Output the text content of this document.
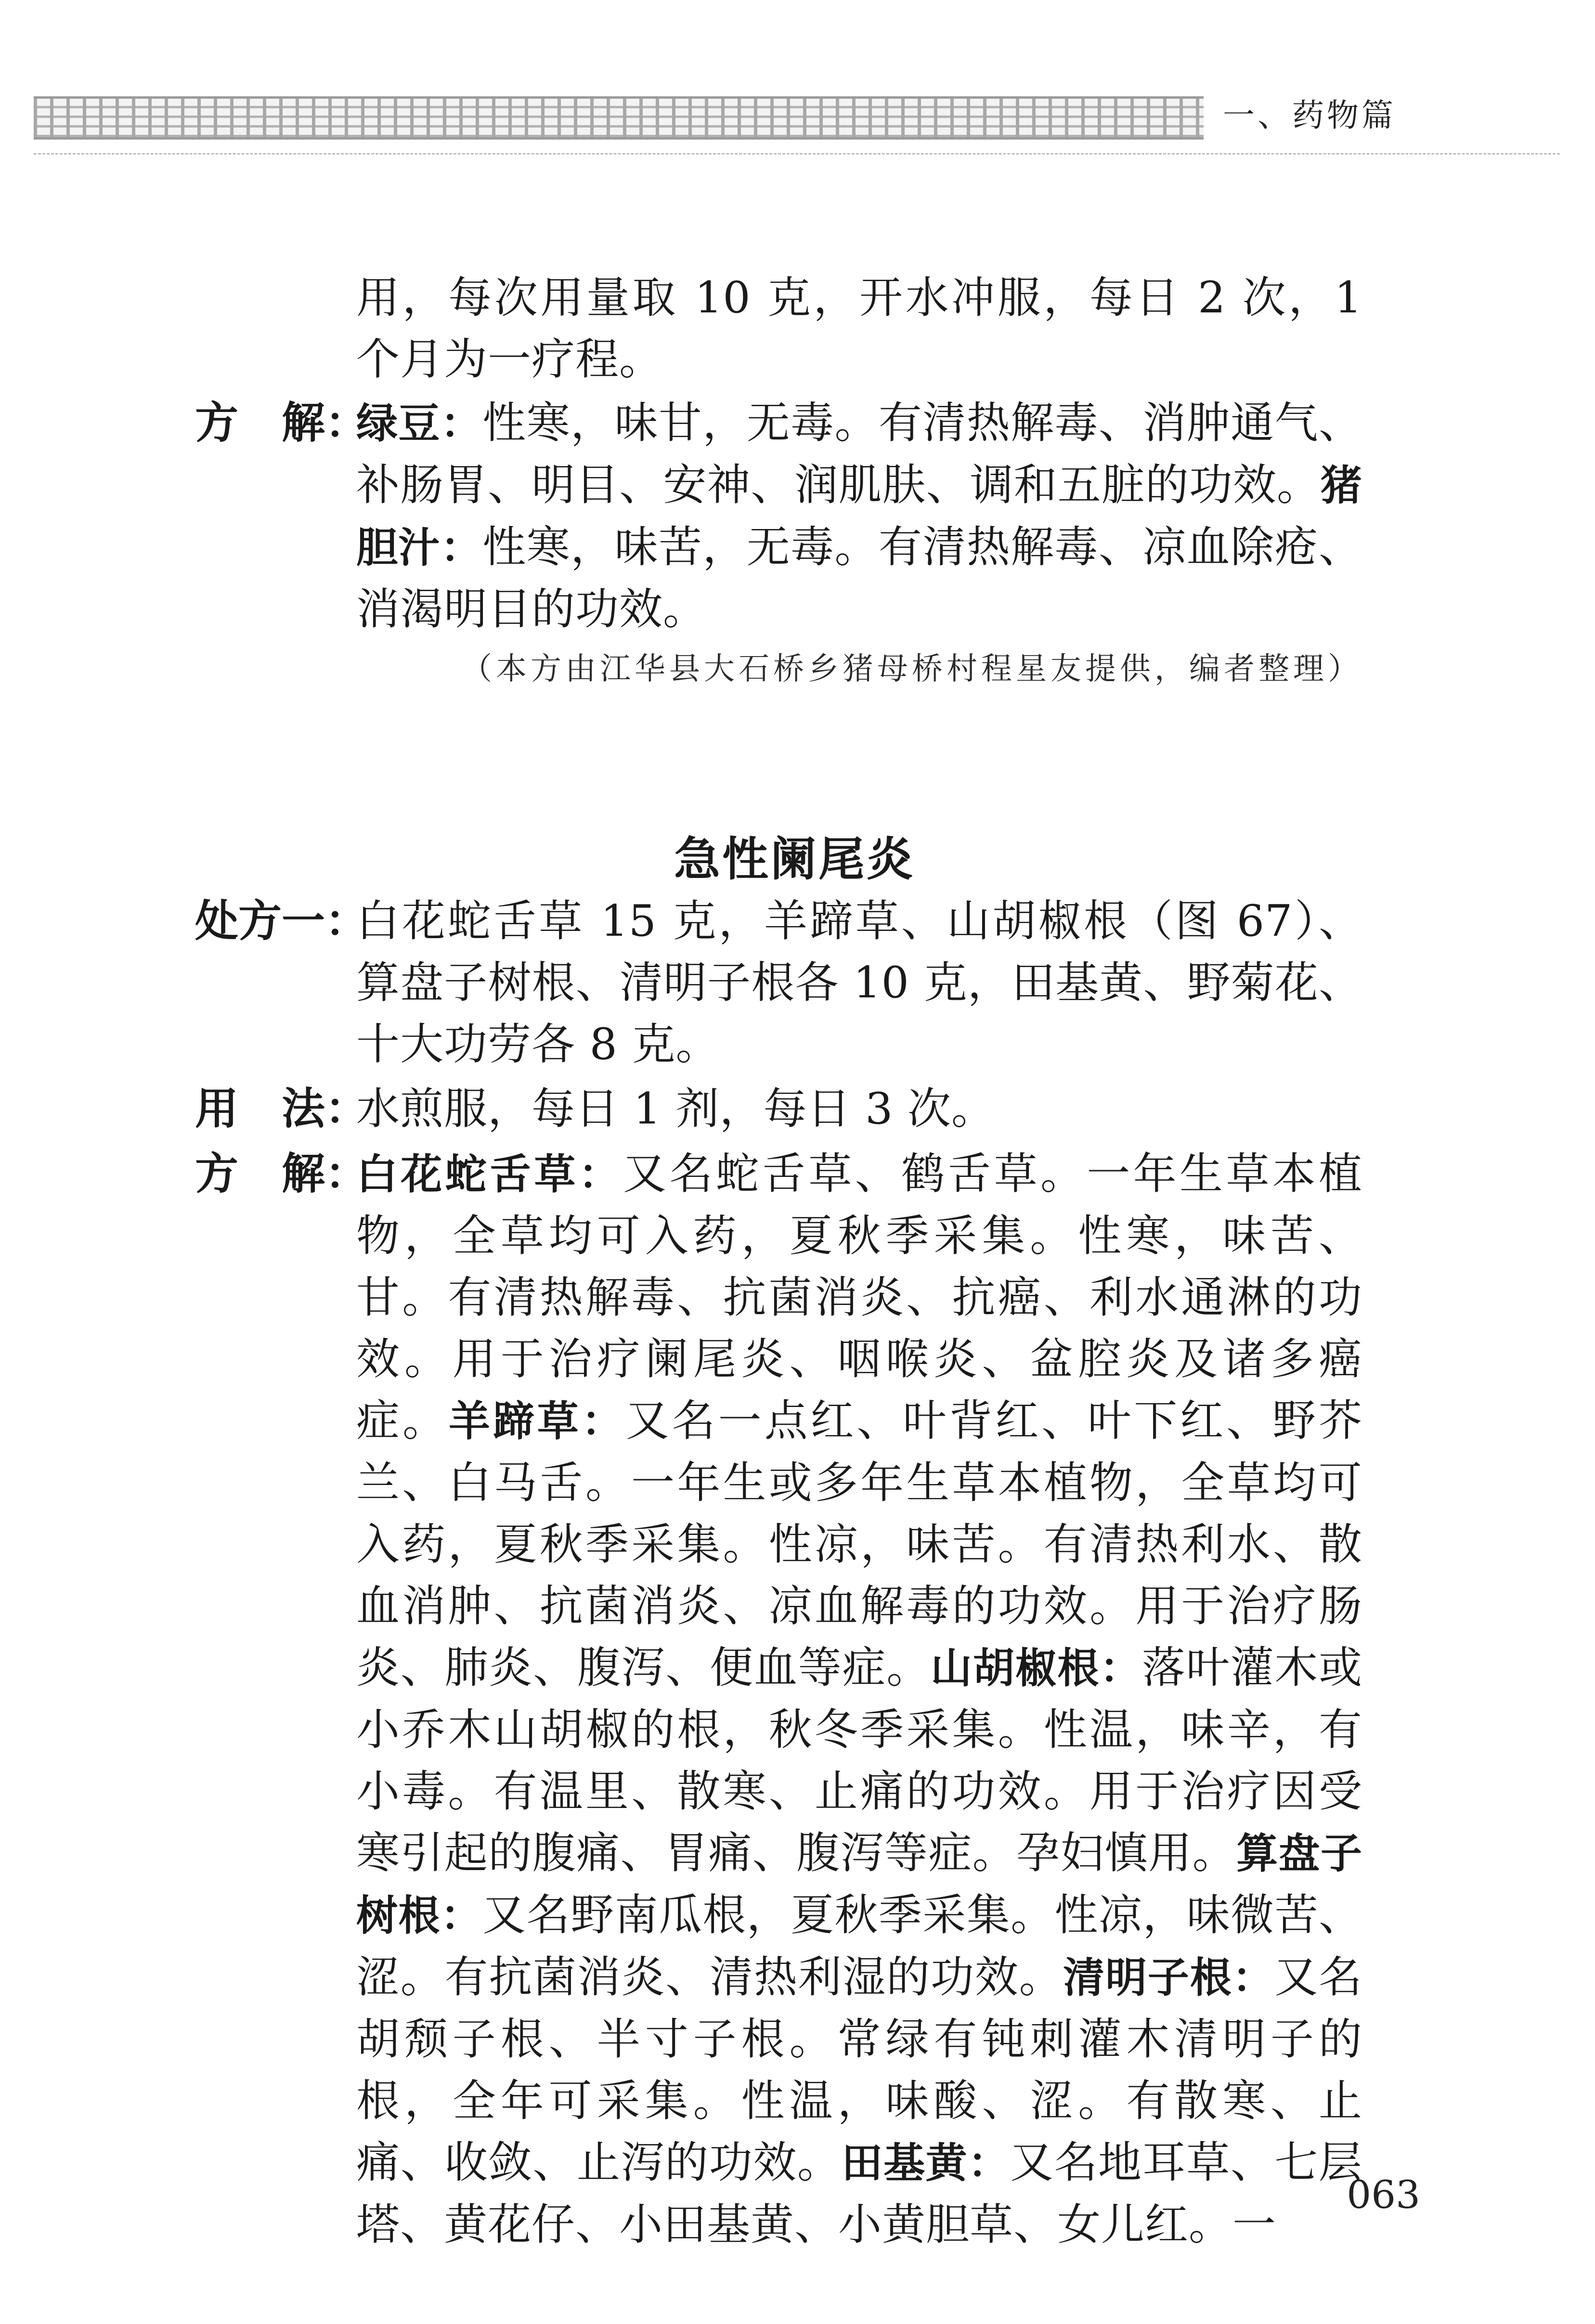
一、药物篇
用，每次用量取 10 克，开水冲服，每日 2 次，1 个月为一疗程。
方　解：
绿豆：性寒，味甘，无毒。有清热解毒、消肿通气、补肠胃、明目、安神、润肌肤、调和五脏的功效。猪胆汁：性寒，味苦，无毒。有清热解毒、凉血除疮、消渴明目的功效。
（本方由江华县大石桥乡猪母桥村程星友提供，编者整理）
急性阑尾炎
处方一：
白花蛇舌草 15 克，羊蹄草、山胡椒根（图 67）、算盘子树根、清明子根各 10 克，田基黄、野菊花、十大功劳各 8 克。
用　法：
水煎服，每日 1 剂，每日 3 次。
方　解：
白花蛇舌草：又名蛇舌草、鹤舌草。一年生草本植物，全草均可入药，夏秋季采集。性寒，味苦、甘。有清热解毒、抗菌消炎、抗癌、利水通淋的功效。用于治疗阑尾炎、咽喉炎、盆腔炎及诸多癌症。羊蹄草：又名一点红、叶背红、叶下红、野芥兰、白马舌。一年生或多年生草本植物，全草均可入药，夏秋季采集。性凉，味苦。有清热利水、散血消肿、抗菌消炎、凉血解毒的功效。用于治疗肠炎、肺炎、腹泻、便血等症。山胡椒根：落叶灌木或小乔木山胡椒的根，秋冬季采集。性温，味辛，有小毒。有温里、散寒、止痛的功效。用于治疗因受寒引起的腹痛、胃痛、腹泻等症。孕妇慎用。算盘子树根：又名野南瓜根，夏秋季采集。性凉，味微苦、涩。有抗菌消炎、清热利湿的功效。清明子根：又名胡颓子根、半寸子根。常绿有钝刺灌木清明子的根，全年可采集。性温，味酸、涩。有散寒、止痛、收敛、止泻的功效。田基黄：又名地耳草、七层塔、黄花仔、小田基黄、小黄胆草、女儿红。一
063
